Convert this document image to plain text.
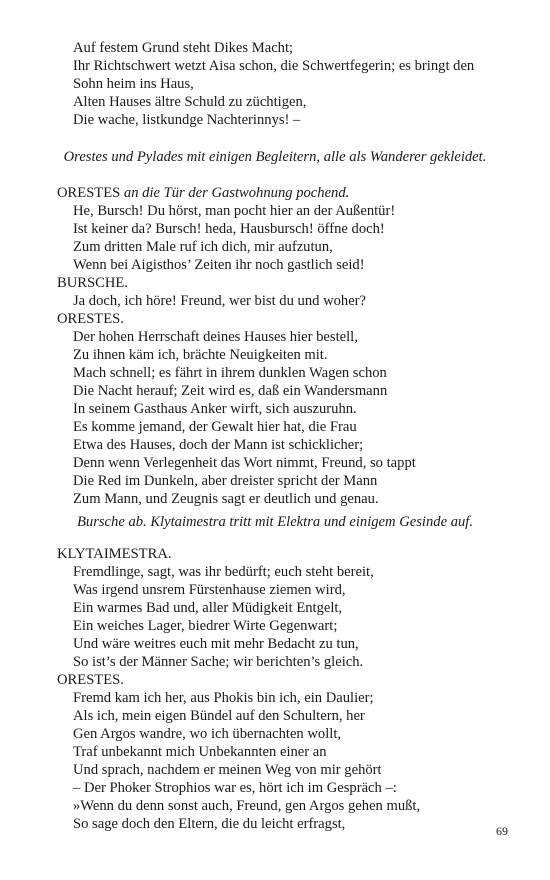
Auf festem Grund steht Dikes Macht;
Ihr Richtschwert wetzt Aisa schon, die Schwertfegerin; es bringt den
Sohn heim ins Haus,
Alten Hauses ältre Schuld zu züchtigen,
Die wache, listkundge Nachterinnys! –
Orestes und Pylades mit einigen Begleitern, alle als Wanderer gekleidet.
ORESTES an die Tür der Gastwohnung pochend.
He, Bursch! Du hörst, man pocht hier an der Außentür!
Ist keiner da? Bursch! heda, Hausbursch! öffne doch!
Zum dritten Male ruf ich dich, mir aufzutun,
Wenn bei Aigisthos’ Zeiten ihr noch gastlich seid!
BURSCHE.
Ja doch, ich höre! Freund, wer bist du und woher?
ORESTES.
Der hohen Herrschaft deines Hauses hier bestell,
Zu ihnen käm ich, brächte Neuigkeiten mit.
Mach schnell; es fährt in ihrem dunklen Wagen schon
Die Nacht herauf; Zeit wird es, daß ein Wandersmann
In seinem Gasthaus Anker wirft, sich auszuruhn.
Es komme jemand, der Gewalt hier hat, die Frau
Etwa des Hauses, doch der Mann ist schicklicher;
Denn wenn Verlegenheit das Wort nimmt, Freund, so tappt
Die Red im Dunkeln, aber dreister spricht der Mann
Zum Mann, und Zeugnis sagt er deutlich und genau.
Bursche ab. Klytaimestra tritt mit Elektra und einigem Gesinde auf.
KLYTAIMESTRA.
Fremdlinge, sagt, was ihr bedürft; euch steht bereit,
Was irgend unsrem Fürstenhause ziemen wird,
Ein warmes Bad und, aller Müdigkeit Entgelt,
Ein weiches Lager, biedrer Wirte Gegenwart;
Und wäre weitres euch mit mehr Bedacht zu tun,
So ist’s der Männer Sache; wir berichten’s gleich.
ORESTES.
Fremd kam ich her, aus Phokis bin ich, ein Daulier;
Als ich, mein eigen Bündel auf den Schultern, her
Gen Argos wandre, wo ich übernachten wollt,
Traf unbekannt mich Unbekannten einer an
Und sprach, nachdem er meinen Weg von mir gehört
– Der Phoker Strophios war es, hört ich im Gespräch –:
»Wenn du denn sonst auch, Freund, gen Argos gehen mußt,
So sage doch den Eltern, die du leicht erfragst,	69
